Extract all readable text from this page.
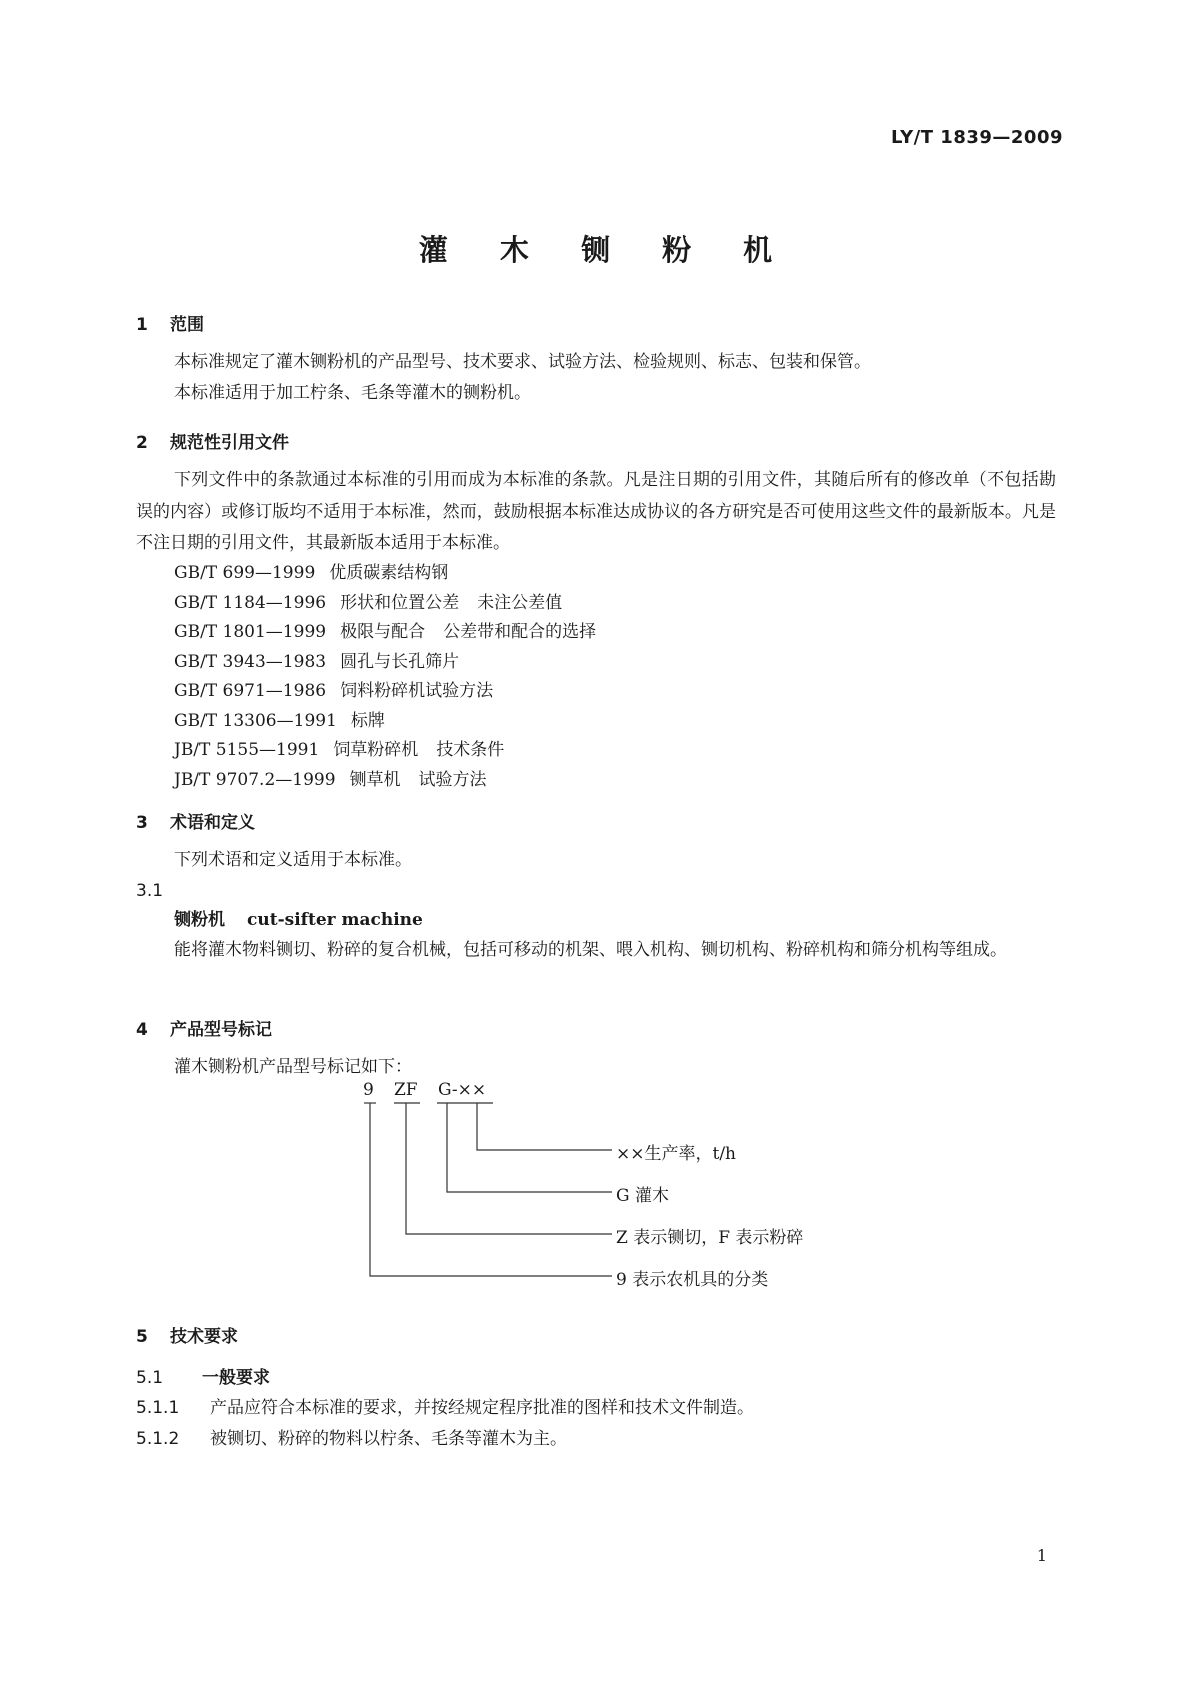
LY/T 1839—2009
灌 木 铡 粉 机
1 范围
本标准规定了灌木铡粉机的产品型号、技术要求、试验方法、检验规则、标志、包装和保管。
本标准适用于加工柠条、毛条等灌木的铡粉机。
2 规范性引用文件
下列文件中的条款通过本标准的引用而成为本标准的条款。凡是注日期的引用文件，其随后所有的修改单（不包括勘误的内容）或修订版均不适用于本标准，然而，鼓励根据本标准达成协议的各方研究是否可使用这些文件的最新版本。凡是不注日期的引用文件，其最新版本适用于本标准。
GB/T 699—1999 优质碳素结构钢
GB/T 1184—1996 形状和位置公差 未注公差值
GB/T 1801—1999 极限与配合 公差带和配合的选择
GB/T 3943—1983 圆孔与长孔筛片
GB/T 6971—1986 饲料粉碎机试验方法
GB/T 13306—1991 标牌
JB/T 5155—1991 饲草粉碎机 技术条件
JB/T 9707.2—1999 铡草机 试验方法
3 术语和定义
下列术语和定义适用于本标准。
3.1
铡粉机 cut-sifter machine
能将灌木物料铡切、粉碎的复合机械，包括可移动的机架、喂入机构、铡切机构、粉碎机构和筛分机构等组成。
4 产品型号标记
灌木铡粉机产品型号标记如下：
9 ZF G-××
××生产率，t/h
G 灌木
Z 表示铡切，F 表示粉碎
9 表示农机具的分类
5 技术要求
5.1 一般要求
5.1.1 产品应符合本标准的要求，并按经规定程序批准的图样和技术文件制造。
5.1.2 被铡切、粉碎的物料以柠条、毛条等灌木为主。
1
